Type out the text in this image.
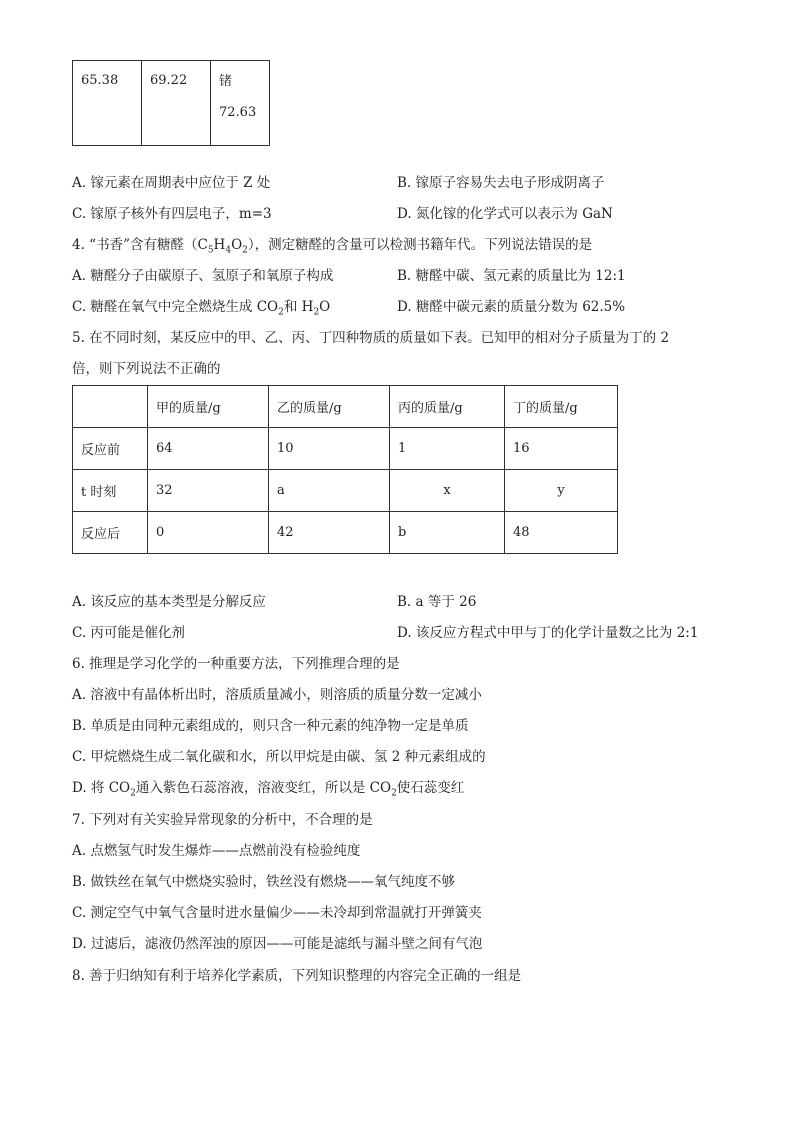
65.38	69.22	锗
72.63
A. 镓元素在周期表中应位于 Z 处	B. 镓原子容易失去电子形成阴离子
C. 镓原子核外有四层电子，m=3	D. 氮化镓的化学式可以表示为 GaN
4. “书香”含有糖醛$(C_5H_4O_2)$，测定糖醛的含量可以检测书籍年代。下列说法错误的是
A. 糖醛分子由碳原子、氢原子和氧原子构成	B. 糖醛中碳、氢元素的质量比为 12:1
C. 糖醛在氧气中完全燃烧生成 $CO_2$和 $H_2O$	D. 糖醛中碳元素的质量分数为 62.5%
5. 在不同时刻，某反应中的甲、乙、丙、丁四种物质的质量如下表。已知甲的相对分子质量为丁的 2
倍，则下列说法不正确的
	甲的质量/g	乙的质量/g	丙的质量/g	丁的质量/g
反应前	64	10	1	16
t 时刻	32	a	x	y
反应后	0	42	b	48
A. 该反应的基本类型是分解反应	B. a 等于 26
C. 丙可能是催化剂	D. 该反应方程式中甲与丁的化学计量数之比为 2:1
6. 推理是学习化学的一种重要方法，下列推理合理的是
A. 溶液中有晶体析出时，溶质质量减小，则溶质的质量分数一定减小
B. 单质是由同种元素组成的，则只含一种元素的纯净物一定是单质
C. 甲烷燃烧生成二氧化碳和水，所以甲烷是由碳、氢 2 种元素组成的
D. 将 $CO_2$通入紫色石蕊溶液，溶液变红，所以是 $CO_2$使石蕊变红
7. 下列对有关实验异常现象的分析中，不合理的是
A. 点燃氢气时发生爆炸——点燃前没有检验纯度
B. 做铁丝在氧气中燃烧实验时，铁丝没有燃烧——氧气纯度不够
C. 测定空气中氧气含量时进水量偏少——未冷却到常温就打开弹簧夹
D. 过滤后，滤液仍然浑浊的原因——可能是滤纸与漏斗壁之间有气泡
8. 善于归纳知有利于培养化学素质，下列知识整理的内容完全正确的一组是
